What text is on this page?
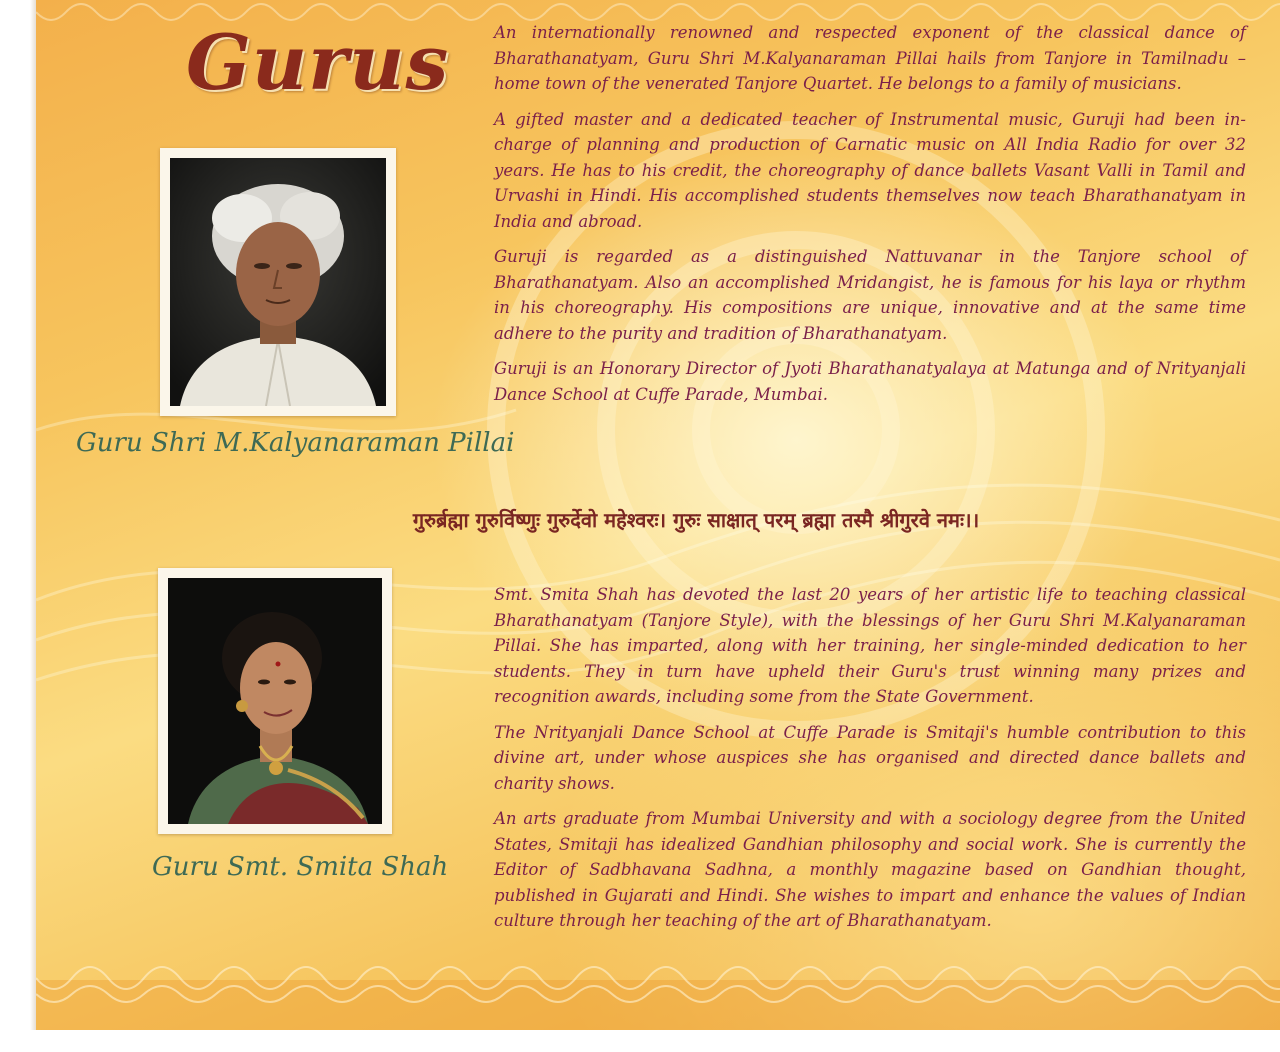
Gurus
Guru Shri M.Kalyanaraman Pillai

An internationally renowned and respected exponent of the classical dance of Bharathanatyam, Guru Shri M.Kalyanaraman Pillai hails from Tanjore in Tamilnadu – home town of the venerated Tanjore Quartet. He belongs to a family of musicians.

A gifted master and a dedicated teacher of Instrumental music, Guruji had been in-charge of planning and production of Carnatic music on All India Radio for over 32 years. He has to his credit, the choreography of dance ballets Vasant Valli in Tamil and Urvashi in Hindi. His accomplished students themselves now teach Bharathanatyam in India and abroad.

Guruji is regarded as a distinguished Nattuvanar in the Tanjore school of Bharathanatyam. Also an accomplished Mridangist, he is famous for his laya or rhythm in his choreography. His compositions are unique, innovative and at the same time adhere to the purity and tradition of Bharathanatyam.

Guruji is an Honorary Director of Jyoti Bharathanatyalaya at Matunga and of Nrityanjali Dance School at Cuffe Parade, Mumbai.

गुरुर्ब्रह्मा गुरुर्विष्णुः गुरुर्देवो महेश्वरः। गुरुः साक्षात् परम् ब्रह्मा तस्मै श्रीगुरवे नमः।।
Guru Smt. Smita Shah

Smt. Smita Shah has devoted the last 20 years of her artistic life to teaching classical Bharathanatyam (Tanjore Style), with the blessings of her Guru Shri M.Kalyanaraman Pillai. She has imparted, along with her training, her single-minded dedication to her students. They in turn have upheld their Guru's trust winning many prizes and recognition awards, including some from the State Government.

The Nrityanjali Dance School at Cuffe Parade is Smitaji's humble contribution to this divine art, under whose auspices she has organised and directed dance ballets and charity shows.

An arts graduate from Mumbai University and with a sociology degree from the United States, Smitaji has idealized Gandhian philosophy and social work. She is currently the Editor of Sadbhavana Sadhna, a monthly magazine based on Gandhian thought, published in Gujarati and Hindi. She wishes to impart and enhance the values of Indian culture through her teaching of the art of Bharathanatyam.
